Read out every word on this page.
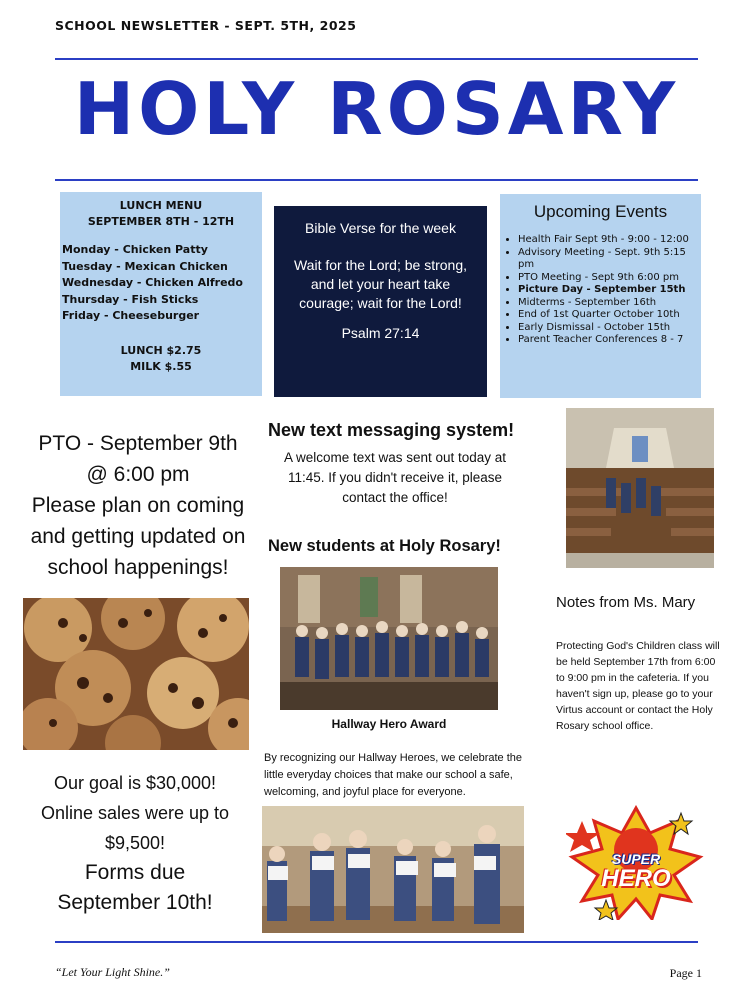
SCHOOL NEWSLETTER - SEPT. 5TH, 2025
HOLY ROSARY
LUNCH MENU
SEPTEMBER 8TH - 12TH
Monday - Chicken Patty
Tuesday - Mexican Chicken
Wednesday - Chicken Alfredo
Thursday - Fish Sticks
Friday - Cheeseburger
LUNCH $2.75
MILK $.55
Bible Verse for the week
Wait for the Lord; be strong, and let your heart take courage; wait for the Lord!
Psalm 27:14
Upcoming Events
• Health Fair Sept 9th - 9:00 - 12:00
• Advisory Meeting - Sept. 9th 5:15 pm
• PTO Meeting - Sept 9th 6:00 pm
• Picture Day - September 15th
• Midterms - September 16th
• End of 1st Quarter October 10th
• Early Dismissal - October 15th
• Parent Teacher Conferences 8 - 7
PTO - September 9th
@ 6:00 pm
Please plan on coming and getting updated on school happenings!
Our goal is $30,000!
Online sales were up to $9,500!
Forms due
September 10th!
New text messaging system!
A welcome text was sent out today at 11:45. If you didn't receive it, please contact the office!
New students at Holy Rosary!
Hallway Hero Award
By recognizing our Hallway Heroes, we celebrate the little everyday choices that make our school a safe, welcoming, and joyful place for everyone.
Notes from Ms. Mary
Protecting God's Children class will be held September 17th from 6:00 to 9:00 pm in the cafeteria. If you haven't sign up, please go to your Virtus account or contact the Holy Rosary school office.
SUPER
HERO
“Let Your Light Shine.”	Page 1
